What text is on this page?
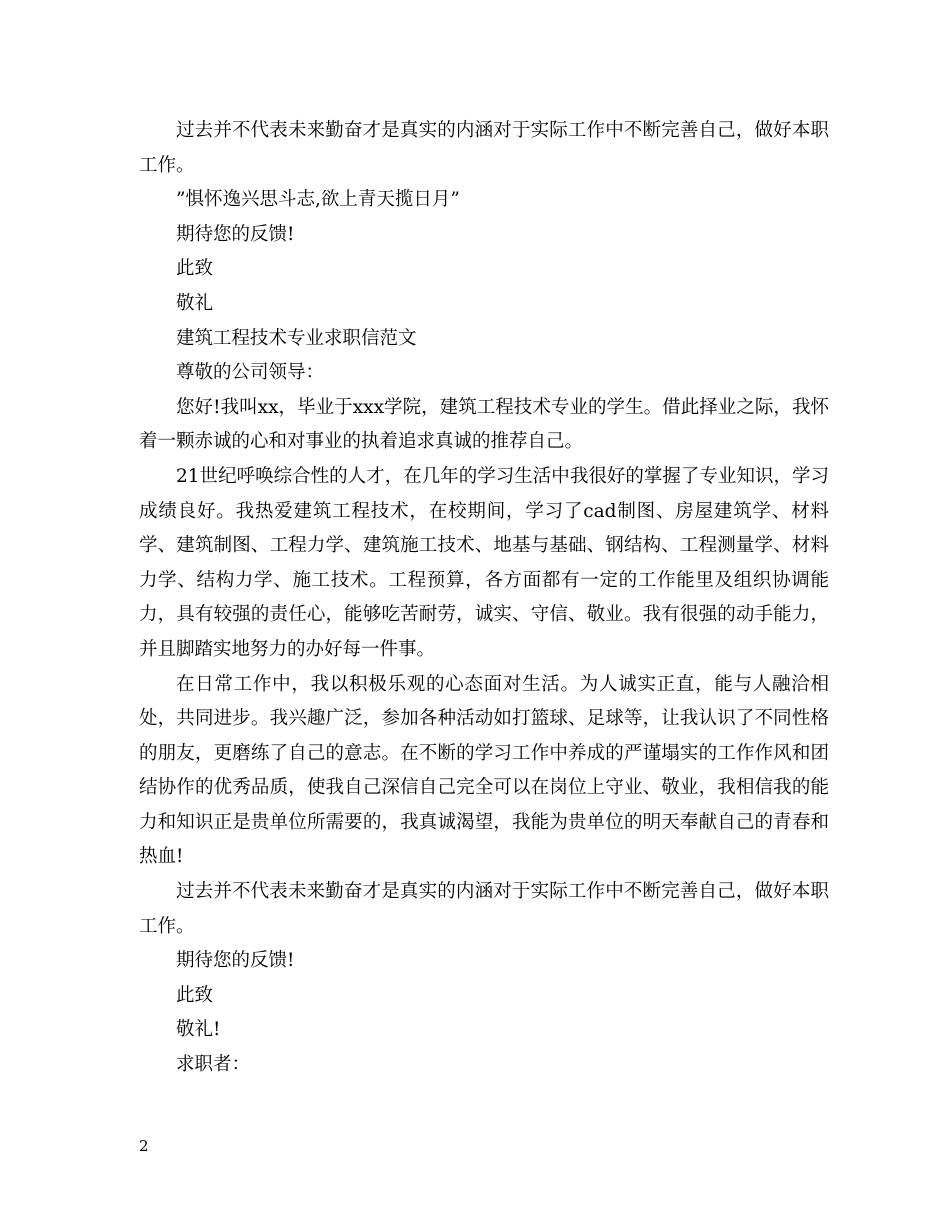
过去并不代表未来勤奋才是真实的内涵对于实际工作中不断完善自己，做好本职工作。

”惧怀逸兴思斗志,欲上青天揽日月”

期待您的反馈!

此致

敬礼

建筑工程技术专业求职信范文

尊敬的公司领导：

您好!我叫xx，毕业于xxx学院，建筑工程技术专业的学生。借此择业之际，我怀着一颗赤诚的心和对事业的执着追求真诚的推荐自己。

21世纪呼唤综合性的人才，在几年的学习生活中我很好的掌握了专业知识，学习成绩良好。我热爱建筑工程技术，在校期间，学习了cad制图、房屋建筑学、材料学、建筑制图、工程力学、建筑施工技术、地基与基础、钢结构、工程测量学、材料力学、结构力学、施工技术。工程预算，各方面都有一定的工作能里及组织协调能力，具有较强的责任心，能够吃苦耐劳，诚实、守信、敬业。我有很强的动手能力，并且脚踏实地努力的办好每一件事。

在日常工作中，我以积极乐观的心态面对生活。为人诚实正直，能与人融洽相处，共同进步。我兴趣广泛，参加各种活动如打篮球、足球等，让我认识了不同性格的朋友，更磨练了自己的意志。在不断的学习工作中养成的严谨塌实的工作作风和团结协作的优秀品质，使我自己深信自己完全可以在岗位上守业、敬业，我相信我的能力和知识正是贵单位所需要的，我真诚渴望，我能为贵单位的明天奉献自己的青春和热血!

过去并不代表未来勤奋才是真实的内涵对于实际工作中不断完善自己，做好本职工作。

期待您的反馈!

此致

敬礼!

求职者：

2
